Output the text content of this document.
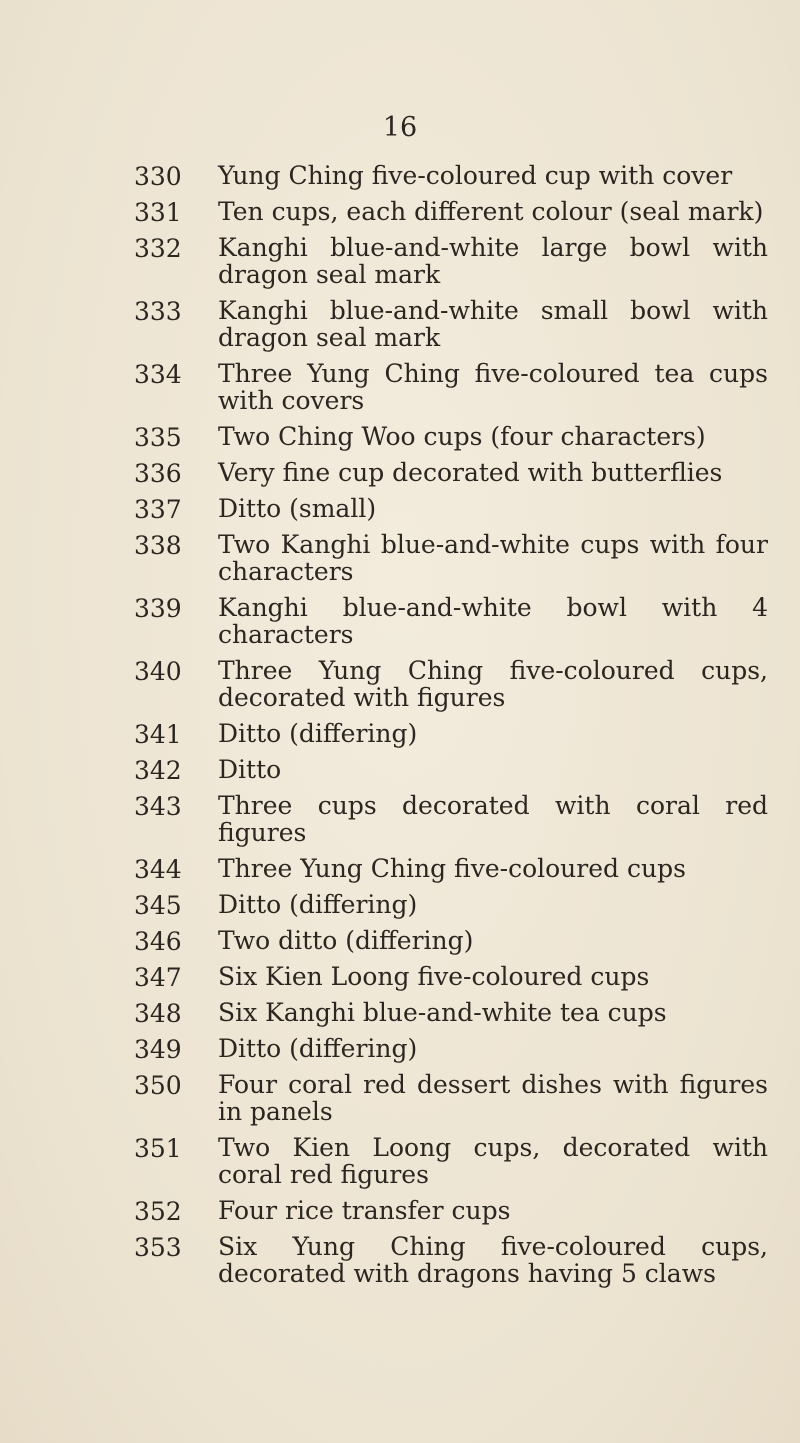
16
330	Yung Ching five-coloured cup with cover
331	Ten cups, each different colour (seal mark)
332	Kanghi blue-and-white large bowl with dragon seal mark
333	Kanghi blue-and-white small bowl with dragon seal mark
334	Three Yung Ching five-coloured tea cups with covers
335	Two Ching Woo cups (four characters)
336	Very fine cup decorated with butterflies
337	Ditto (small)
338	Two Kanghi blue-and-white cups with four characters
339	Kanghi blue-and-white bowl with 4 characters
340	Three Yung Ching five-coloured cups, decorated with figures
341	Ditto (differing)
342	Ditto
343	Three cups decorated with coral red figures
344	Three Yung Ching five-coloured cups
345	Ditto (differing)
346	Two ditto (differing)
347	Six Kien Loong five-coloured cups
348	Six Kanghi blue-and-white tea cups
349	Ditto (differing)
350	Four coral red dessert dishes with figures in panels
351	Two Kien Loong cups, decorated with coral red figures
352	Four rice transfer cups
353	Six Yung Ching five-coloured cups, decorated with dragons having 5 claws
